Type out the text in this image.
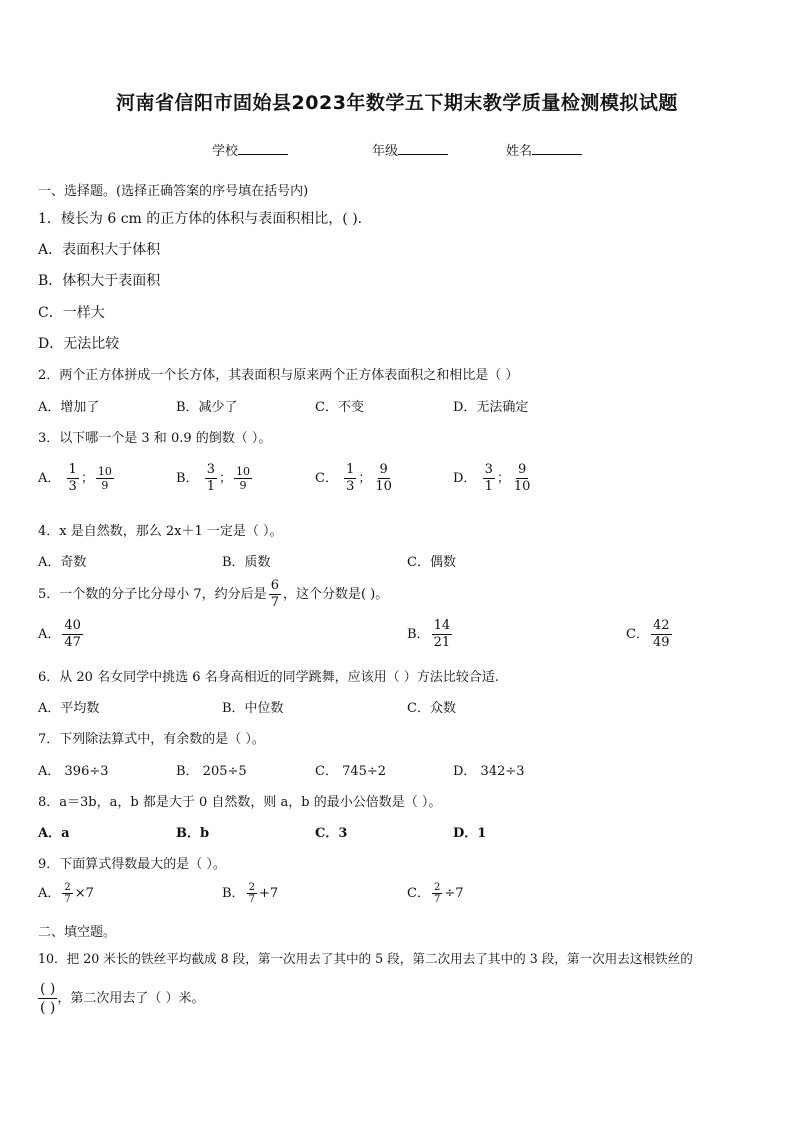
河南省信阳市固始县2023年数学五下期末教学质量检测模拟试题
学校	年级	姓名
一、选择题。(选择正确答案的序号填在括号内)
1．棱长为 6 cm 的正方体的体积与表面积相比，( )．
A．表面积大于体积
B．体积大于表面积
C．一样大
D．无法比较
2．两个正方体拼成一个长方体，其表面积与原来两个正方体表面积之和相比是（ ）
A．增加了	B．减少了	C．不变	D．无法确定
3．以下哪一个是 3 和 0.9 的倒数（ ）。
A． $\frac{1}{3}$ ； $\frac{10}{9}$	B． $\frac{3}{1}$ ； $\frac{10}{9}$	C． $\frac{1}{3}$ ； $\frac{9}{10}$	D． $\frac{3}{1}$ ； $\frac{9}{10}$
4．x 是自然数，那么 2x＋1 一定是（ ）。
A．奇数	B．质数	C．偶数
5．一个数的分子比分母小 7，约分后是 $\frac{6}{7}$ ，这个分数是( )。
A． $\frac{40}{47}$	B． $\frac{14}{21}$	C． $\frac{42}{49}$
6．从 20 名女同学中挑选 6 名身高相近的同学跳舞，应该用（ ）方法比较合适.
A．平均数	B．中位数	C．众数
7．下列除法算式中，有余数的是（ ）。
A． 396÷3	B． 205÷5	C． 745÷2	D． 342÷3
8．a＝3b，a，b 都是大于 0 自然数，则 a，b 的最小公倍数是（ ）。
A．a	B．b	C．3	D．1
9．下面算式得数最大的是（ ）。
A． $\frac{2}{7} \times 7$	B． $\frac{2}{7} +7$	C． $\frac{2}{7} \div 7$
二、填空题。
10．把 20 米长的铁丝平均截成 8 段，第一次用去了其中的 5 段，第二次用去了其中的 3 段，第一次用去这根铁丝的
( )
( )
，第二次用去了（ ）米。
